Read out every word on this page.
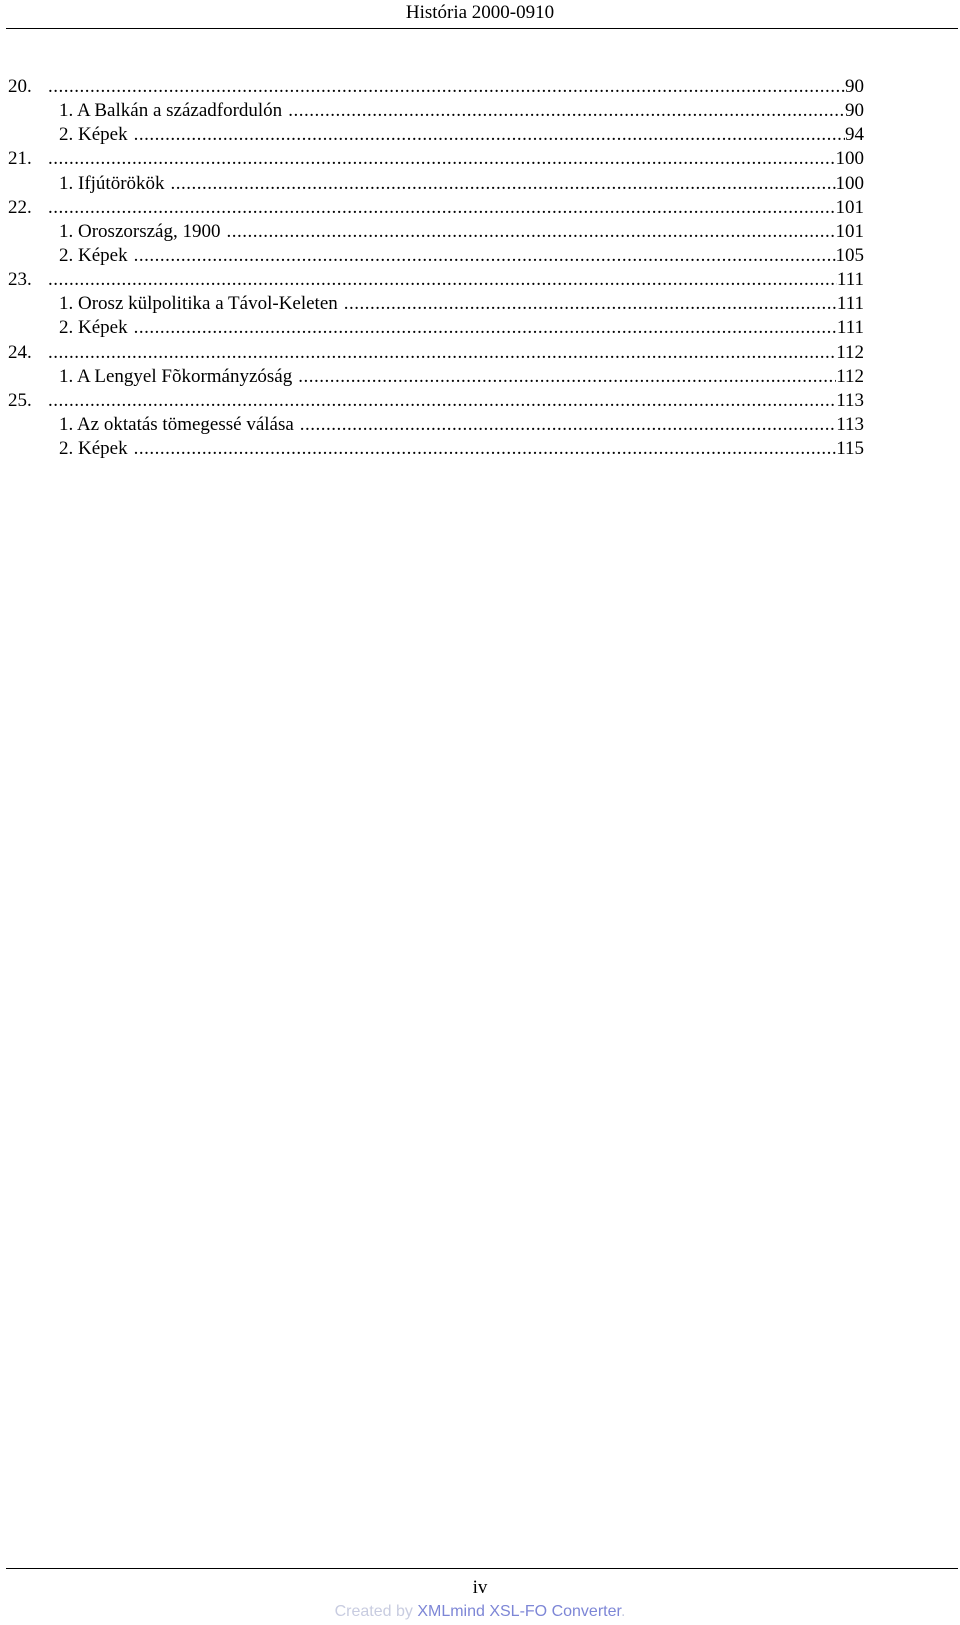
História 2000-0910
20. .....	90
1. A Balkán a századfordulón .....	90
2. Képek .....	94
21. .....	100
1. Ifjútörökök .....	100
22. .....	101
1. Oroszország, 1900 .....	101
2. Képek .....	105
23. .....	111
1. Orosz külpolitika a Távol-Keleten .....	111
2. Képek .....	111
24. .....	112
1. A Lengyel Fõkormányzóság .....	112
25. .....	113
1. Az oktatás tömegessé válása .....	113
2. Képek .....	115
iv
Created by XMLmind XSL-FO Converter.
